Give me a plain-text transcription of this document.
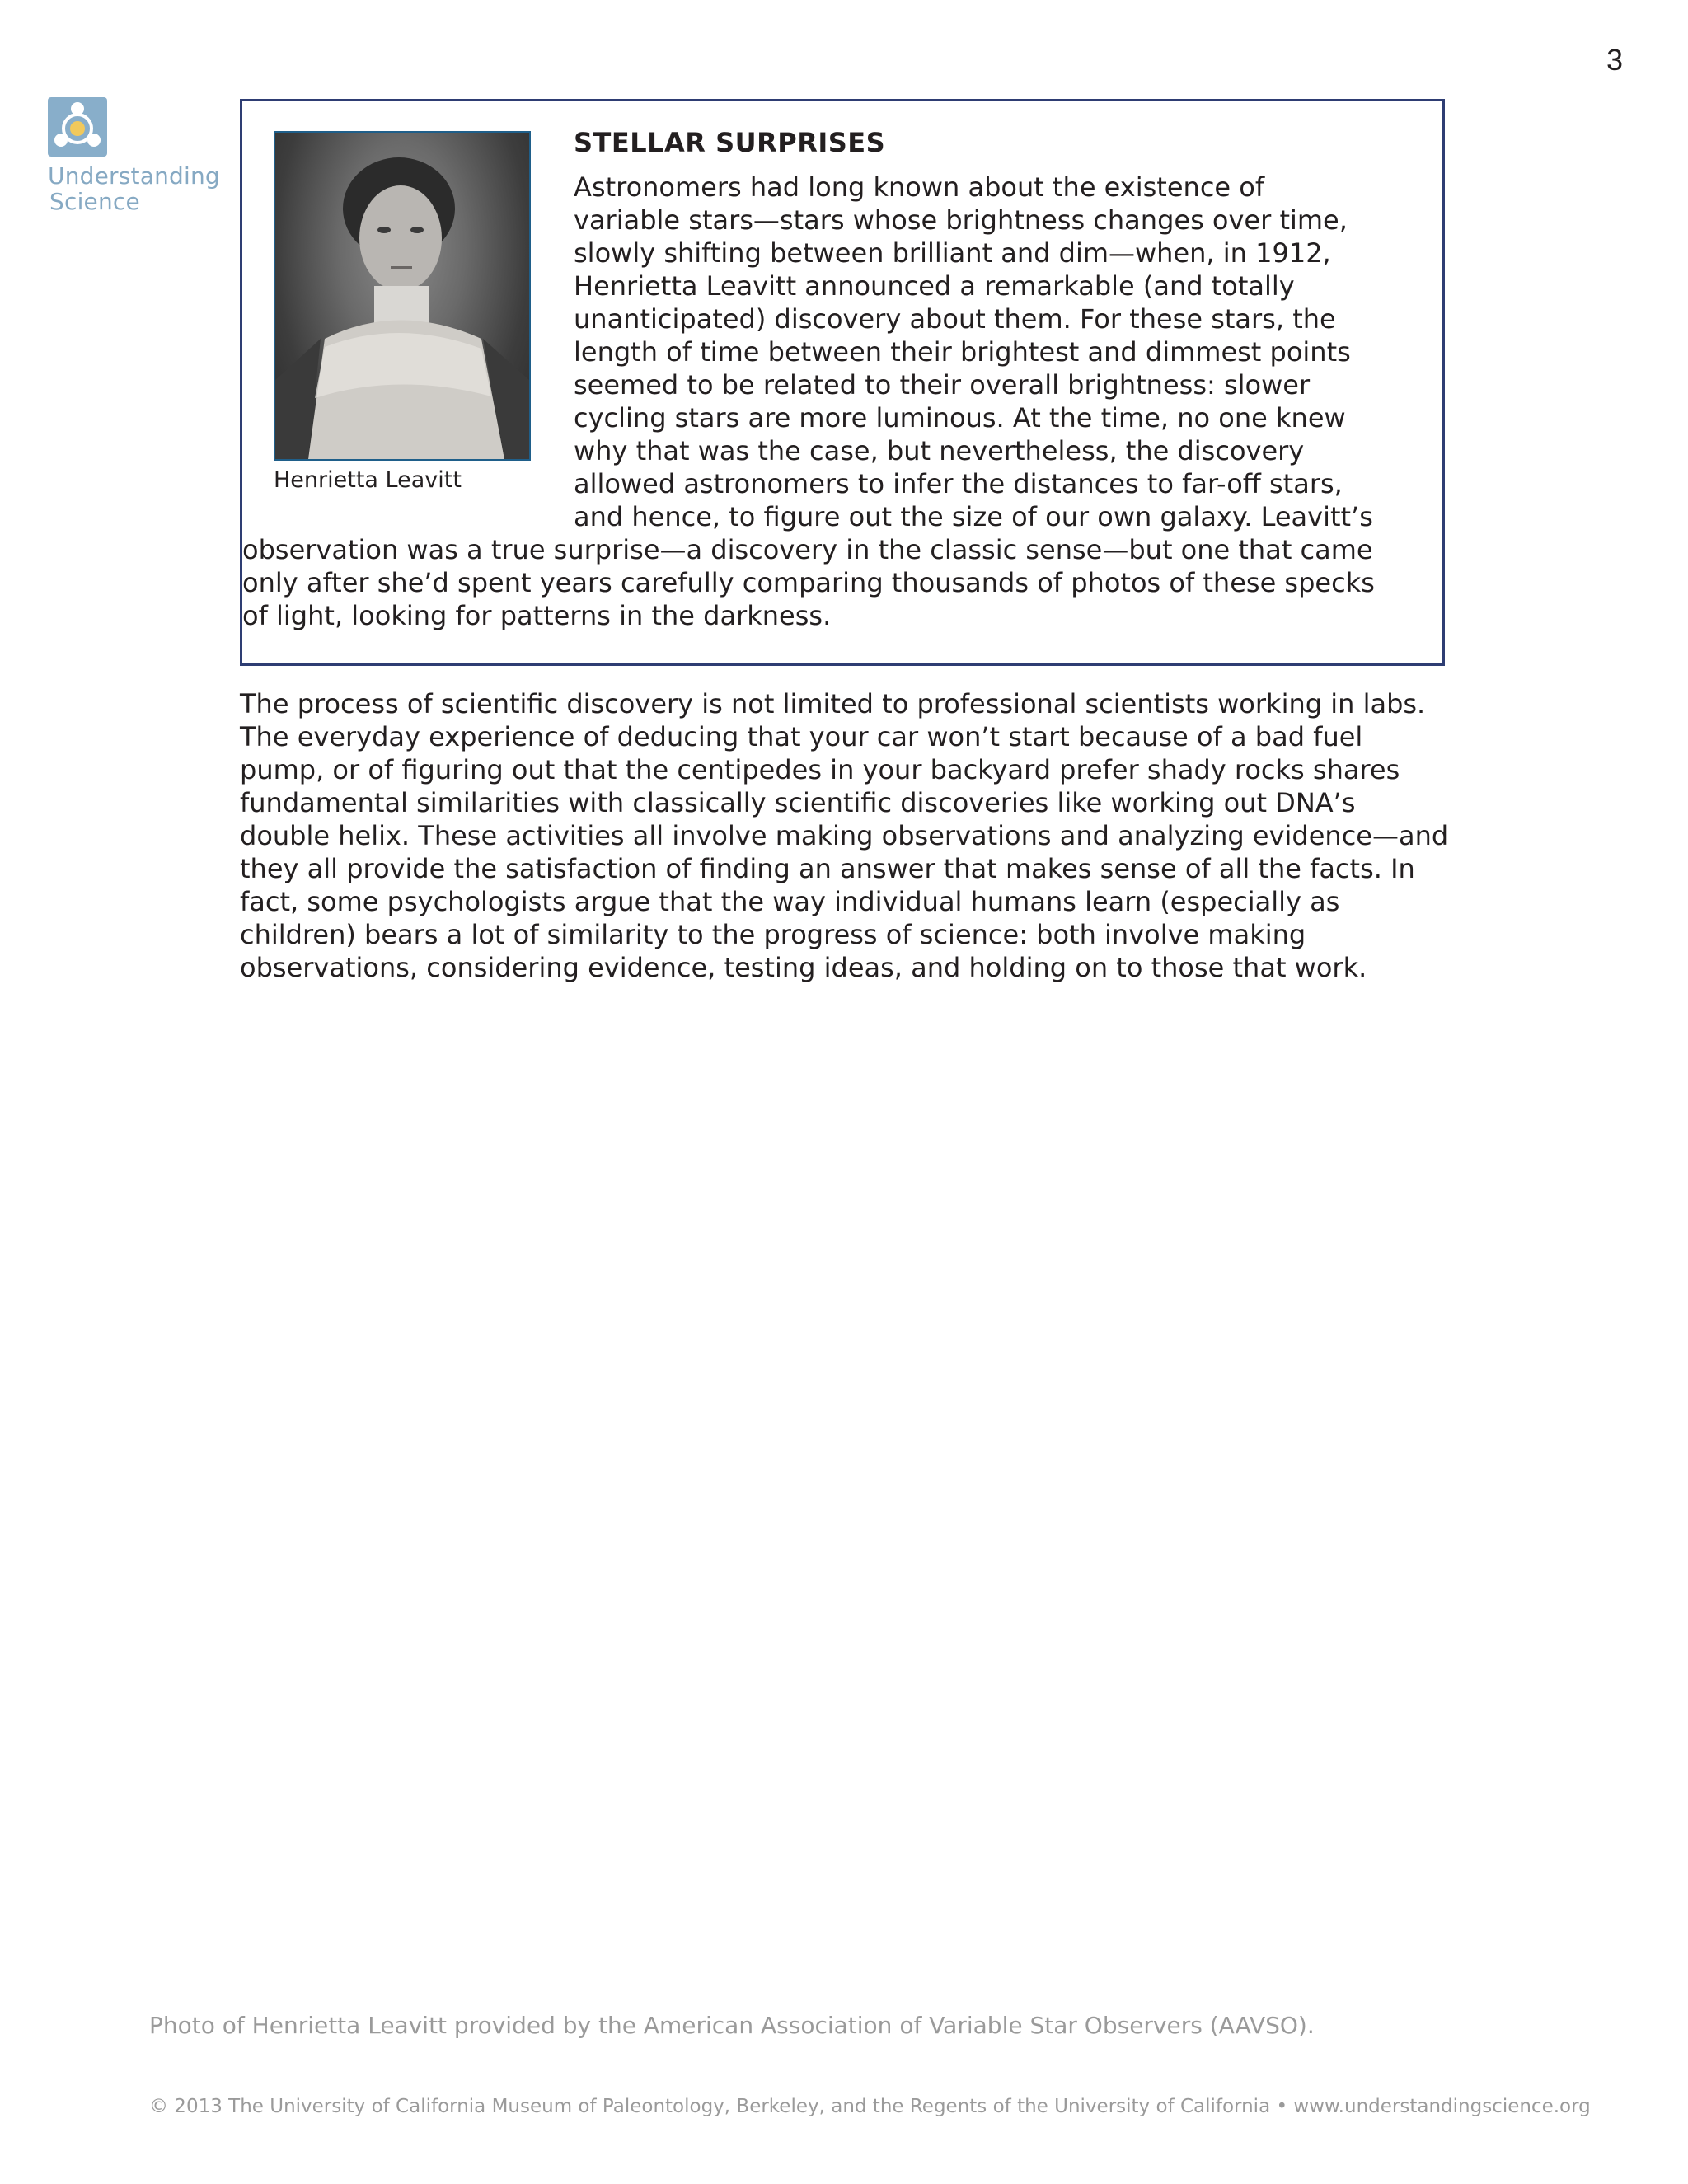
3
Understanding
Science
Henrietta Leavitt
STELLAR SURPRISES
Astronomers had long known about the existence of variable stars—stars whose brightness changes over time, slowly shifting between brilliant and dim—when, in 1912, Henrietta Leavitt announced a remarkable (and totally unanticipated) discovery about them. For these stars, the length of time between their brightest and dimmest points seemed to be related to their overall brightness: slower cycling stars are more luminous. At the time, no one knew why that was the case, but nevertheless, the discovery allowed astronomers to infer the distances to far-off stars, and hence, to figure out the size of our own galaxy. Leavitt’s observation was a true surprise—a discovery in the classic sense—but one that came only after she’d spent years carefully comparing thousands of photos of these specks of light, looking for patterns in the darkness.

The process of scientific discovery is not limited to professional scientists working in labs. The everyday experience of deducing that your car won’t start because of a bad fuel pump, or of figuring out that the centipedes in your backyard prefer shady rocks shares fundamental similarities with classically scientific discoveries like working out DNA’s double helix. These activities all involve making observations and analyzing evidence—and they all provide the satisfaction of finding an answer that makes sense of all the facts. In fact, some psychologists argue that the way individual humans learn (especially as children) bears a lot of similarity to the progress of science: both involve making observations, considering evidence, testing ideas, and holding on to those that work.

Photo of Henrietta Leavitt provided by the American Association of Variable Star Observers (AAVSO).
© 2013 The University of California Museum of Paleontology, Berkeley, and the Regents of the University of California • www.understandingscience.org
